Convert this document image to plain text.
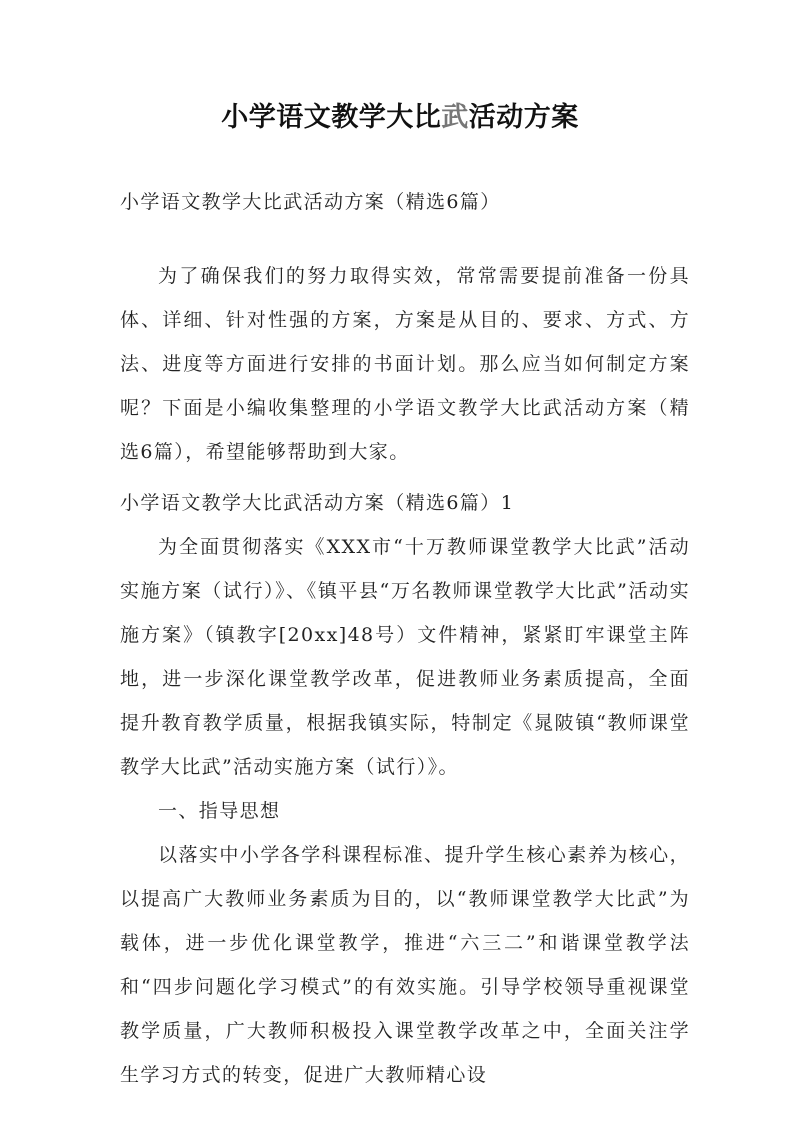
小学语文教学大比武活动方案

小学语文教学大比武活动方案（精选6篇）

为了确保我们的努力取得实效，常常需要提前准备一份具体、详细、针对性强的方案，方案是从目的、要求、方式、方法、进度等方面进行安排的书面计划。那么应当如何制定方案呢？下面是小编收集整理的小学语文教学大比武活动方案（精选6篇），希望能够帮助到大家。

小学语文教学大比武活动方案（精选6篇）1

为全面贯彻落实《XXX市“十万教师课堂教学大比武”活动实施方案（试行）》、《镇平县“万名教师课堂教学大比武”活动实施方案》（镇教字[20xx]48号）文件精神，紧紧盯牢课堂主阵地，进一步深化课堂教学改革，促进教师业务素质提高，全面提升教育教学质量，根据我镇实际，特制定《晁陂镇“教师课堂教学大比武”活动实施方案（试行）》。

一、指导思想

以落实中小学各学科课程标准、提升学生核心素养为核心，以提高广大教师业务素质为目的，以“教师课堂教学大比武”为载体，进一步优化课堂教学，推进“六三二”和谐课堂教学法和“四步问题化学习模式”的有效实施。引导学校领导重视课堂教学质量，广大教师积极投入课堂教学改革之中，全面关注学生学习方式的转变，促进广大教师精心设
